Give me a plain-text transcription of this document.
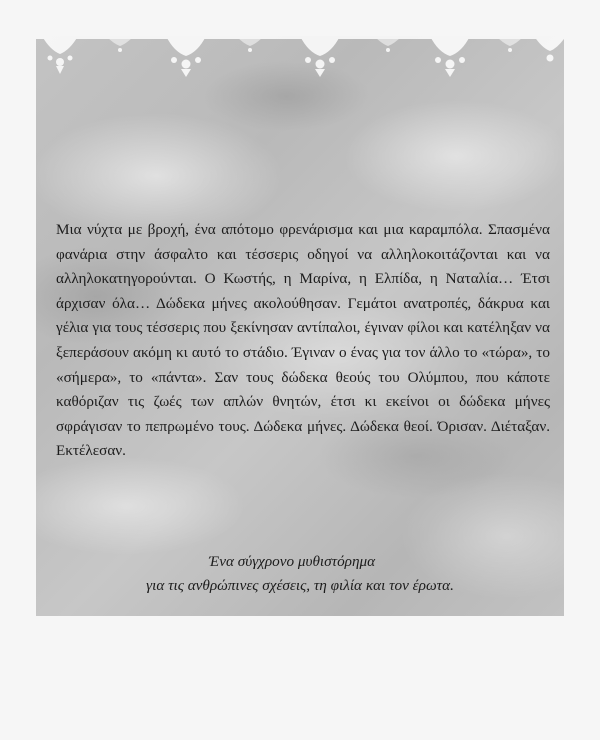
Μια νύχτα με βροχή, ένα απότομο φρενάρισμα και μια καραμπόλα. Σπασμένα φανάρια στην άσφαλτο και τέσσερις οδηγοί να αλληλοκοιτάζονται και να αλληλοκατηγορούνται. Ο Κωστής, η Μαρίνα, η Ελπίδα, η Ναταλία… Έτσι άρχισαν όλα… Δώδεκα μήνες ακολούθησαν. Γεμάτοι ανατροπές, δάκρυα και γέλια για τους τέσσερις που ξεκίνησαν αντίπαλοι, έγιναν φίλοι και κατέληξαν να ξεπεράσουν ακόμη κι αυτό το στάδιο. Έγιναν ο ένας για τον άλλο το «τώρα», το «σήμερα», το «πάντα». Σαν τους δώδεκα θεούς του Ολύμπου, που κάποτε καθόριζαν τις ζωές των απλών θνητών, έτσι κι εκείνοι οι δώδεκα μήνες σφράγισαν το πεπρωμένο τους. Δώδεκα μήνες. Δώδεκα θεοί. Όρισαν. Διέταξαν. Εκτέλεσαν.

Ένα σύγχρονο μυθιστόρημα
για τις ανθρώπινες σχέσεις, τη φιλία και τον έρωτα.
